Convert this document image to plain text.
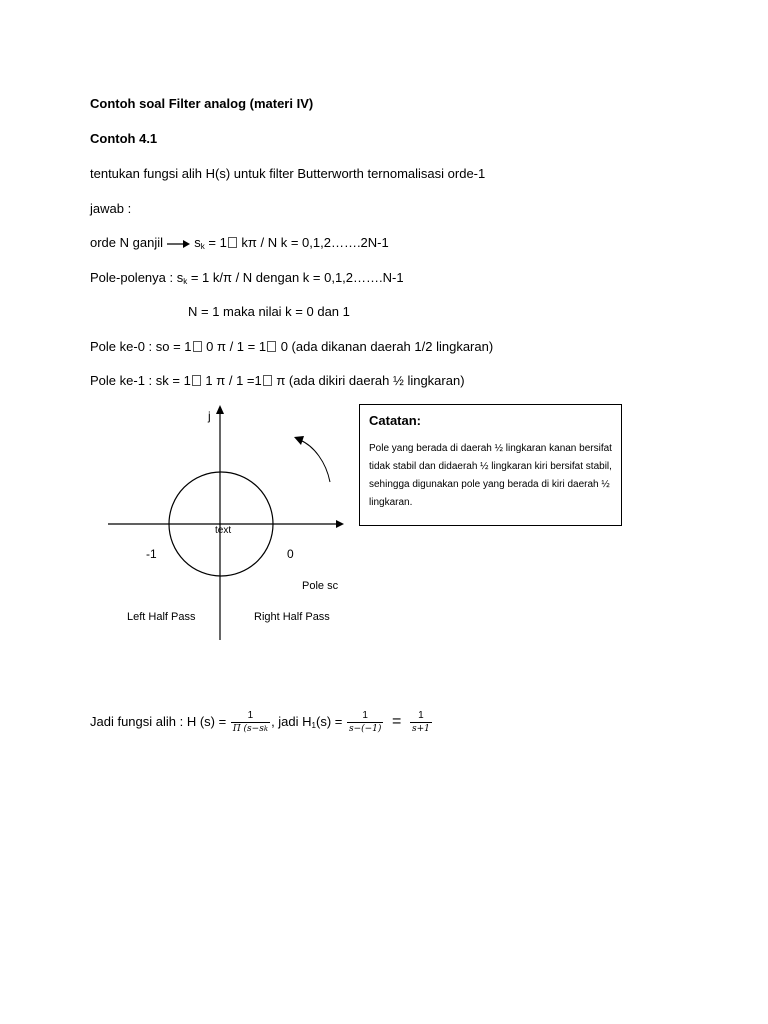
Contoh soal Filter analog (materi IV)
Contoh 4.1
tentukan fungsi alih H(s) untuk filter Butterworth ternomalisasi orde-1
jawab :
orde N ganjil $s_k = 1$ kπ / N k = 0,1,2…….2N-1
Pole-polenya : $s_k = 1$ k/π / N dengan k = 0,1,2…….N-1
N = 1 maka nilai k = 0 dan 1
Pole ke-0 : so = 1 0 π / 1 = 1 0 (ada dikanan daerah 1/2 lingkaran)
Pole ke-1 : sk = 1 1 π / 1 =1 π (ada dikiri daerah ½ lingkaran)
j
text
-1	0
Pole sc
Left Half Pass	Right Half Pass
Catatan:
Pole yang berada di daerah ½ lingkaran kanan bersifat tidak stabil dan didaerah ½ lingkaran kiri bersifat stabil, sehingga digunakan pole yang berada di kiri daerah ½ lingkaran.
Jadi fungsi alih : H $(s) = \frac{1}{\Pi (s-sk}$ , jadi $H_1(s) = \frac{1}{s-(-1)} = \frac{1}{s+1}$
